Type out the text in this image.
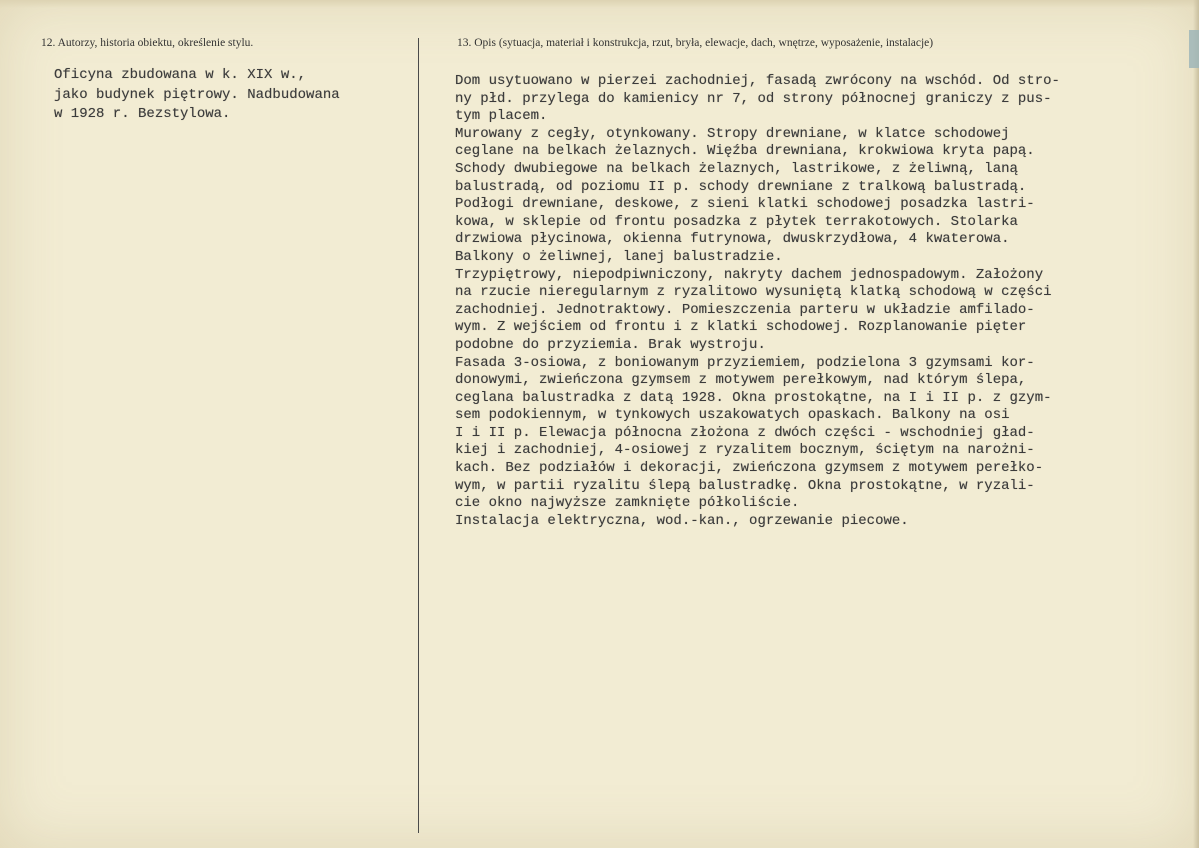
12. Autorzy, historia obiektu, określenie stylu.	13. Opis (sytuacja, materiał i konstrukcja, rzut, bryła, elewacje, dach, wnętrze, wyposażenie, instalacje)
Oficyna zbudowana w k. XIX w.,
jako budynek piętrowy. Nadbudowana
w 1928 r. Bezstylowa.
Dom usytuowano w pierzei zachodniej, fasadą zwrócony na wschód. Od stro-
ny płd. przylega do kamienicy nr 7, od strony północnej graniczy z pus-
tym placem.
Murowany z cegły, otynkowany. Stropy drewniane, w klatce schodowej
ceglane na belkach żelaznych. Więźba drewniana, krokwiowa kryta papą.
Schody dwubiegowe na belkach żelaznych, lastrikowe, z żeliwną, laną
balustradą, od poziomu II p. schody drewniane z tralkową balustradą.
Podłogi drewniane, deskowe, z sieni klatki schodowej posadzka lastri-
kowa, w sklepie od frontu posadzka z płytek terrakotowych. Stolarka
drzwiowa płycinowa, okienna futrynowa, dwuskrzydłowa, 4 kwaterowa.
Balkony o żeliwnej, lanej balustradzie.
Trzypiętrowy, niepodpiwniczony, nakryty dachem jednospadowym. Założony
na rzucie nieregularnym z ryzalitowo wysuniętą klatką schodową w części
zachodniej. Jednotraktowy. Pomieszczenia parteru w układzie amfilado-
wym. Z wejściem od frontu i z klatki schodowej. Rozplanowanie pięter
podobne do przyziemia. Brak wystroju.
Fasada 3-osiowa, z boniowanym przyziemiem, podzielona 3 gzymsami kor-
donowymi, zwieńczona gzymsem z motywem perełkowym, nad którym ślepa,
ceglana balustradka z datą 1928. Okna prostokątne, na I i II p. z gzym-
sem podokiennym, w tynkowych uszakowatych opaskach. Balkony na osi
I i II p. Elewacja północna złożona z dwóch części - wschodniej gład-
kiej i zachodniej, 4-osiowej z ryzalitem bocznym, ściętym na narożni-
kach. Bez podziałów i dekoracji, zwieńczona gzymsem z motywem perełko-
wym, w partii ryzalitu ślepą balustradkę. Okna prostokątne, w ryzali-
cie okno najwyższe zamknięte półkoliście.
Instalacja elektryczna, wod.-kan., ogrzewanie piecowe.
